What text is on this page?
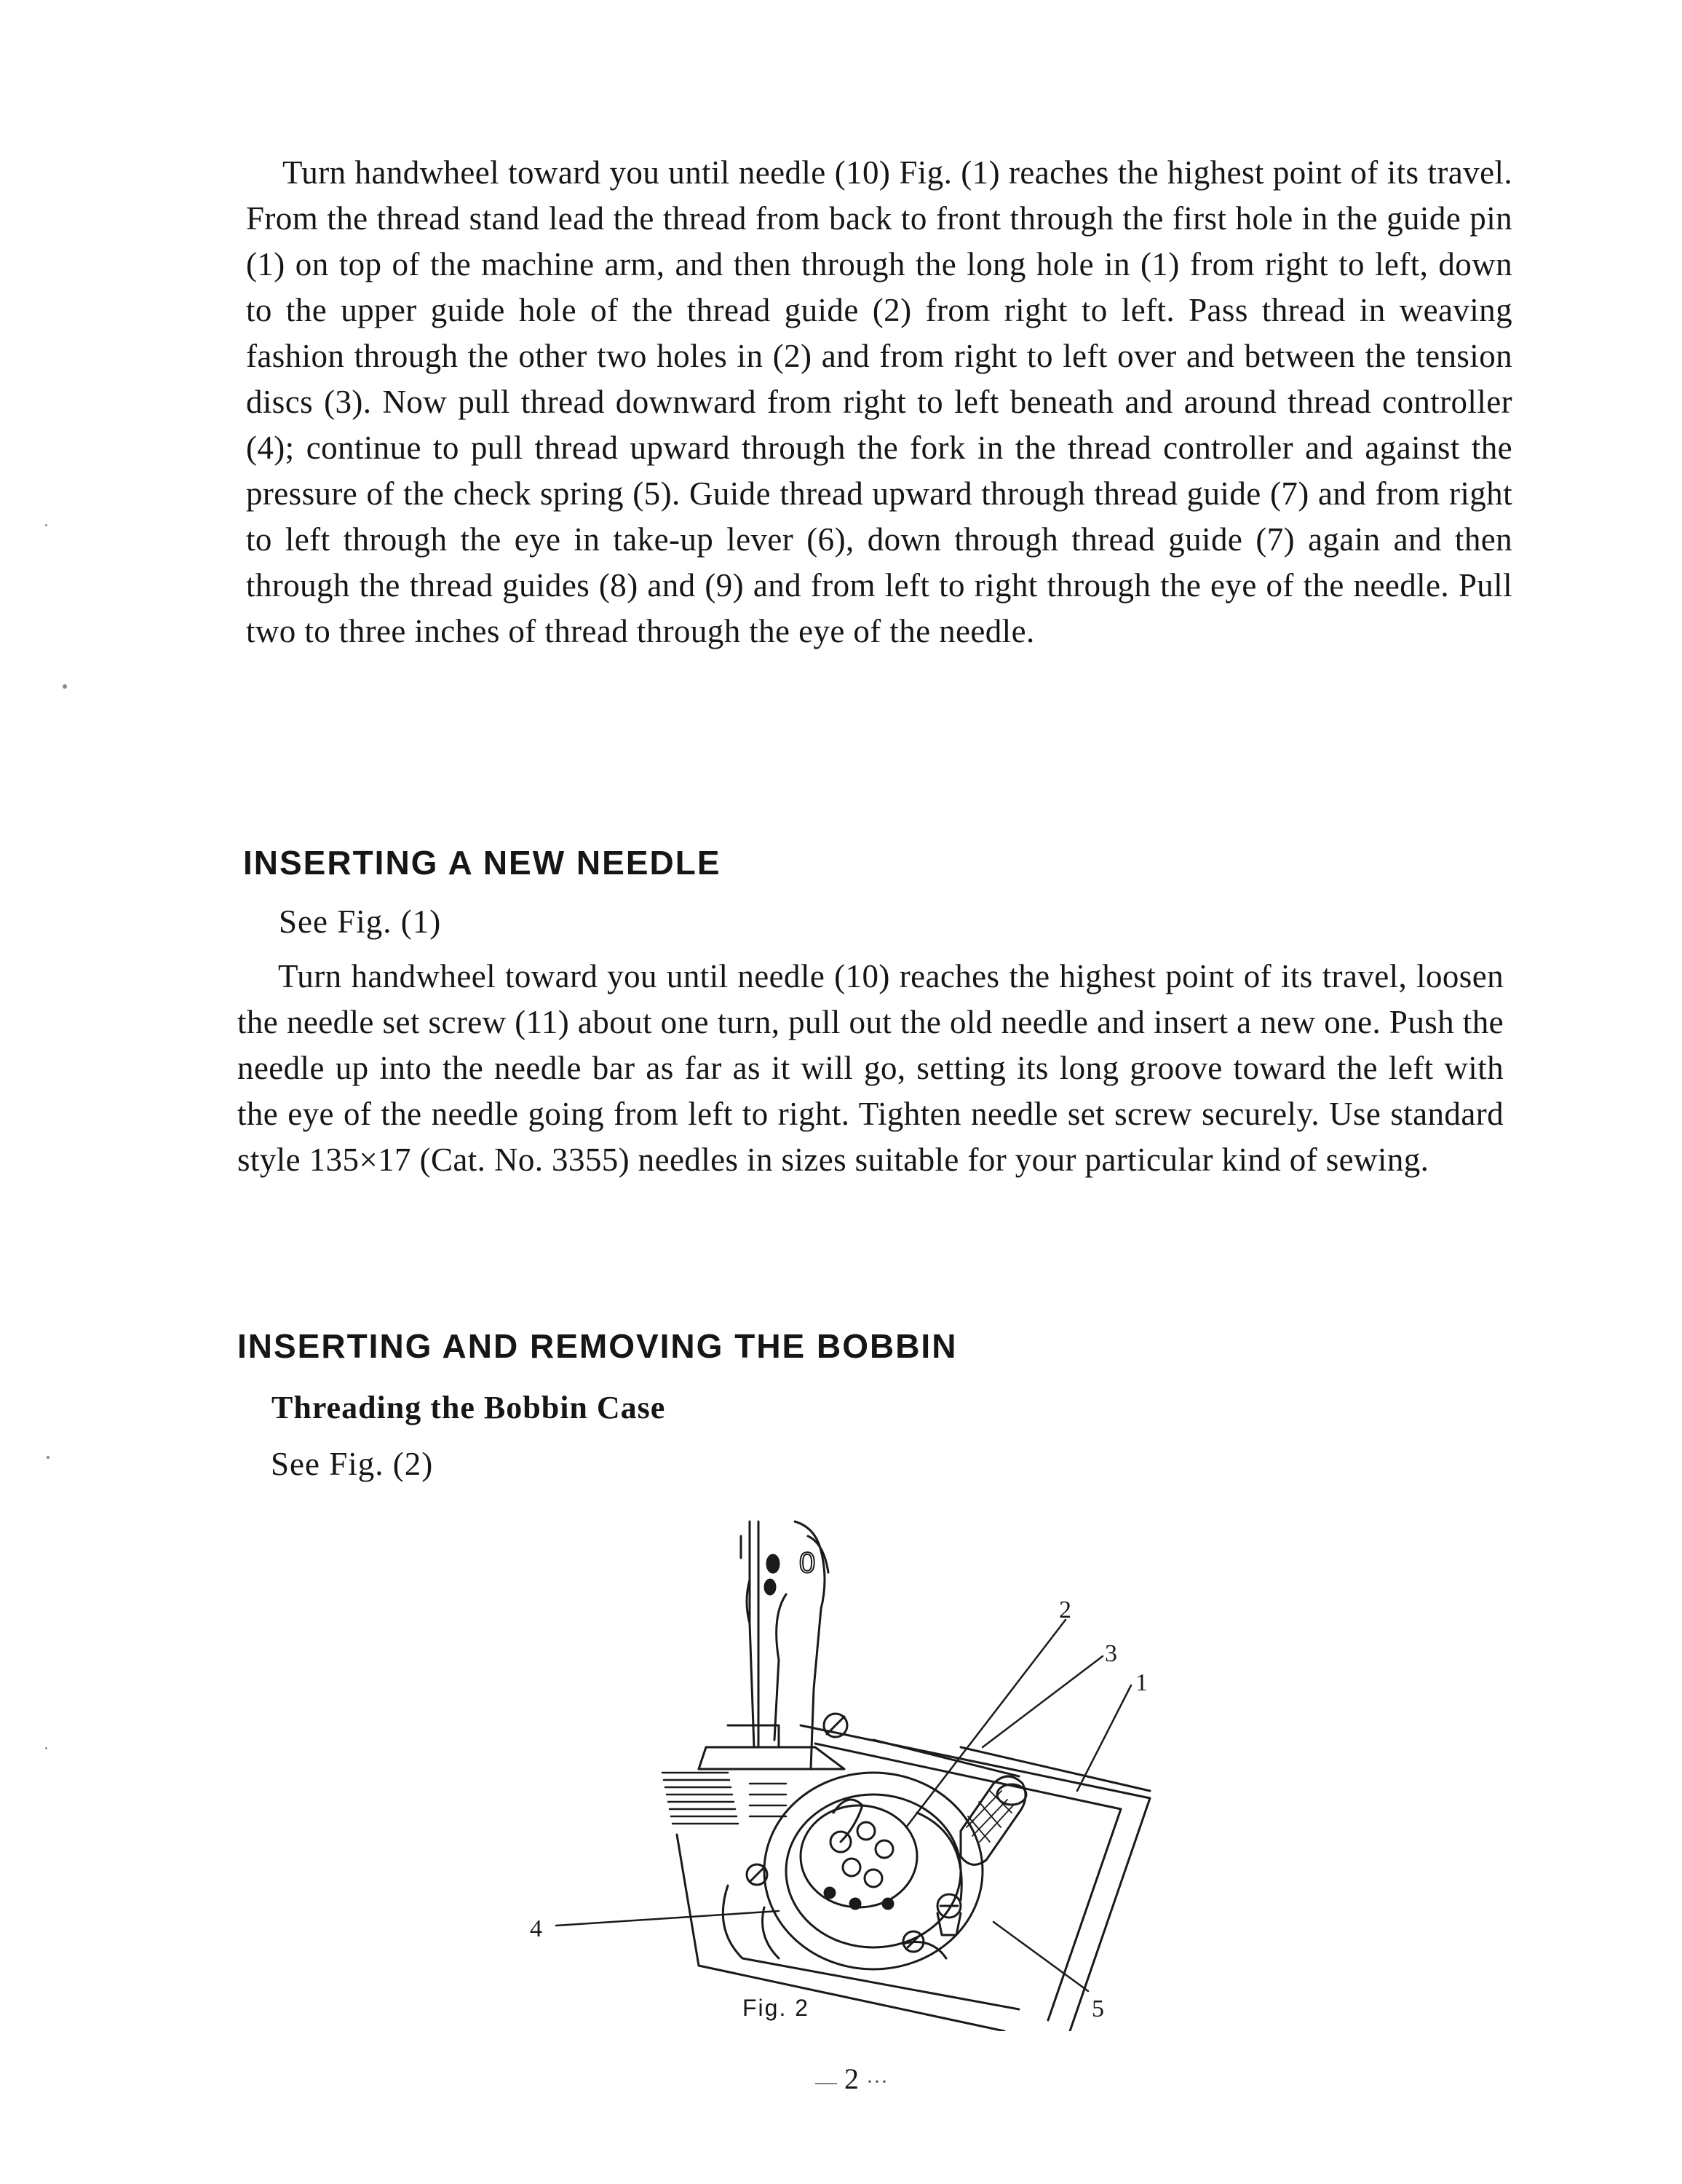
Turn handwheel toward you until needle (10) Fig. (1) reaches the highest point of its travel. From the thread stand lead the thread from back to front through the first hole in the guide pin (1) on top of the machine arm, and then through the long hole in (1) from right to left, down to the upper guide hole of the thread guide (2) from right to left. Pass thread in weaving fashion through the other two holes in (2) and from right to left over and between the tension discs (3). Now pull thread downward from right to left beneath and around thread controller (4); continue to pull thread upward through the fork in the thread controller and against the pressure of the check spring (5). Guide thread upward through thread guide (7) and from right to left through the eye in take-up lever (6), down through thread guide (7) again and then through the thread guides (8) and (9) and from left to right through the eye of the needle. Pull two to three inches of thread through the eye of the needle.

INSERTING A NEW NEEDLE

See Fig. (1)

Turn handwheel toward you until needle (10) reaches the highest point of its travel, loosen the needle set screw (11) about one turn, pull out the old needle and insert a new one. Push the needle up into the needle bar as far as it will go, setting its long groove toward the left with the eye of the needle going from left to right. Tighten needle set screw securely. Use standard style 135×17 (Cat. No. 3355) needles in sizes suitable for your particular kind of sewing.

INSERTING AND REMOVING THE BOBBIN
Threading the Bobbin Case

See Fig. (2)

0
2
3
1
4
5

Fig. 2

— 2 ···
